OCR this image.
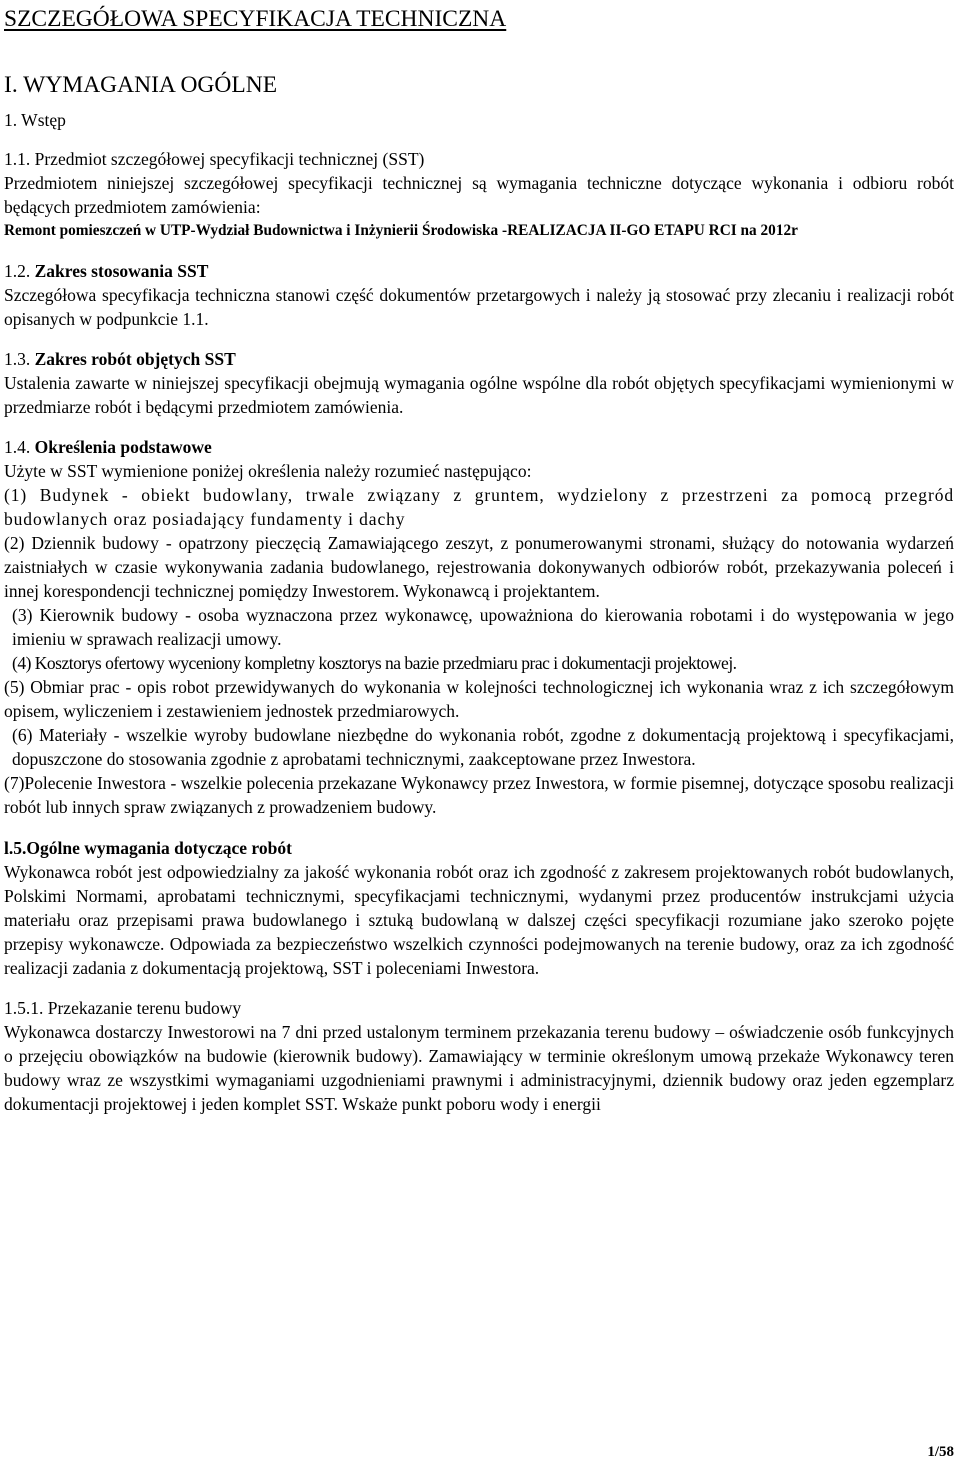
SZCZEGÓŁOWA SPECYFIKACJA TECHNICZNA
I. WYMAGANIA OGÓLNE
1. Wstęp
1.1. Przedmiot szczegółowej specyfikacji technicznej (SST)
Przedmiotem niniejszej szczegółowej specyfikacji technicznej są wymagania techniczne dotyczące wykonania i odbioru robót będących przedmiotem zamówienia:
Remont pomieszczeń w UTP-Wydział Budownictwa i Inżynierii Środowiska -REALIZACJA II-GO ETAPU RCI na 2012r
1.2. Zakres stosowania SST
Szczegółowa specyfikacja techniczna stanowi część dokumentów przetargowych i należy ją stosować przy zlecaniu i realizacji robót opisanych w podpunkcie 1.1.
1.3. Zakres robót objętych SST
Ustalenia zawarte w niniejszej specyfikacji obejmują wymagania ogólne wspólne dla robót objętych specyfikacjami wymienionymi w przedmiarze robót i będącymi przedmiotem zamówienia.
1.4. Określenia podstawowe
Użyte w SST wymienione poniżej określenia należy rozumieć następująco:
(1) Budynek - obiekt budowlany, trwale związany z gruntem, wydzielony z przestrzeni za pomocą przegród budowlanych oraz posiadający fundamenty i dachy
(2) Dziennik budowy - opatrzony pieczęcią Zamawiającego zeszyt, z ponumerowanymi stronami, służący do notowania wydarzeń zaistniałych w czasie wykonywania zadania budowlanego, rejestrowania dokonywanych odbiorów robót, przekazywania poleceń i innej korespondencji technicznej pomiędzy Inwestorem. Wykonawcą i projektantem.
(3) Kierownik budowy - osoba wyznaczona przez wykonawcę, upoważniona do kierowania robotami i do występowania w jego imieniu w sprawach realizacji umowy.
(4) Kosztorys ofertowy wyceniony kompletny kosztorys na bazie przedmiaru prac i dokumentacji projektowej.
(5) Obmiar prac - opis robot przewidywanych do wykonania w kolejności technologicznej ich wykonania wraz z ich szczegółowym opisem, wyliczeniem i zestawieniem jednostek przedmiarowych.
(6) Materiały - wszelkie wyroby budowlane niezbędne do wykonania robót, zgodne z dokumentacją projektową i specyfikacjami, dopuszczone do stosowania zgodnie z aprobatami technicznymi, zaakceptowane przez Inwestora.
(7)Polecenie Inwestora - wszelkie polecenia przekazane Wykonawcy przez Inwestora, w formie pisemnej, dotyczące sposobu realizacji robót lub innych spraw związanych z prowadzeniem budowy.
l.5.Ogólne wymagania dotyczące robót
Wykonawca robót jest odpowiedzialny za jakość wykonania robót oraz ich zgodność z zakresem projektowanych robót budowlanych, Polskimi Normami, aprobatami technicznymi, specyfikacjami technicznymi, wydanymi przez producentów instrukcjami użycia materiału oraz przepisami prawa budowlanego i sztuką budowlaną w dalszej części specyfikacji rozumiane jako szeroko pojęte przepisy wykonawcze. Odpowiada za bezpieczeństwo wszelkich czynności podejmowanych na terenie budowy, oraz za ich zgodność realizacji zadania z dokumentacją projektową, SST i poleceniami Inwestora.
1.5.1. Przekazanie terenu budowy
Wykonawca dostarczy Inwestorowi na 7 dni przed ustalonym terminem przekazania terenu budowy – oświadczenie osób funkcyjnych o przejęciu obowiązków na budowie (kierownik budowy). Zamawiający w terminie określonym umową przekaże Wykonawcy teren budowy wraz ze wszystkimi wymaganiami uzgodnieniami prawnymi i administracyjnymi, dziennik budowy oraz jeden egzemplarz dokumentacji projektowej i jeden komplet SST. Wskaże punkt poboru wody i energii
1/58
